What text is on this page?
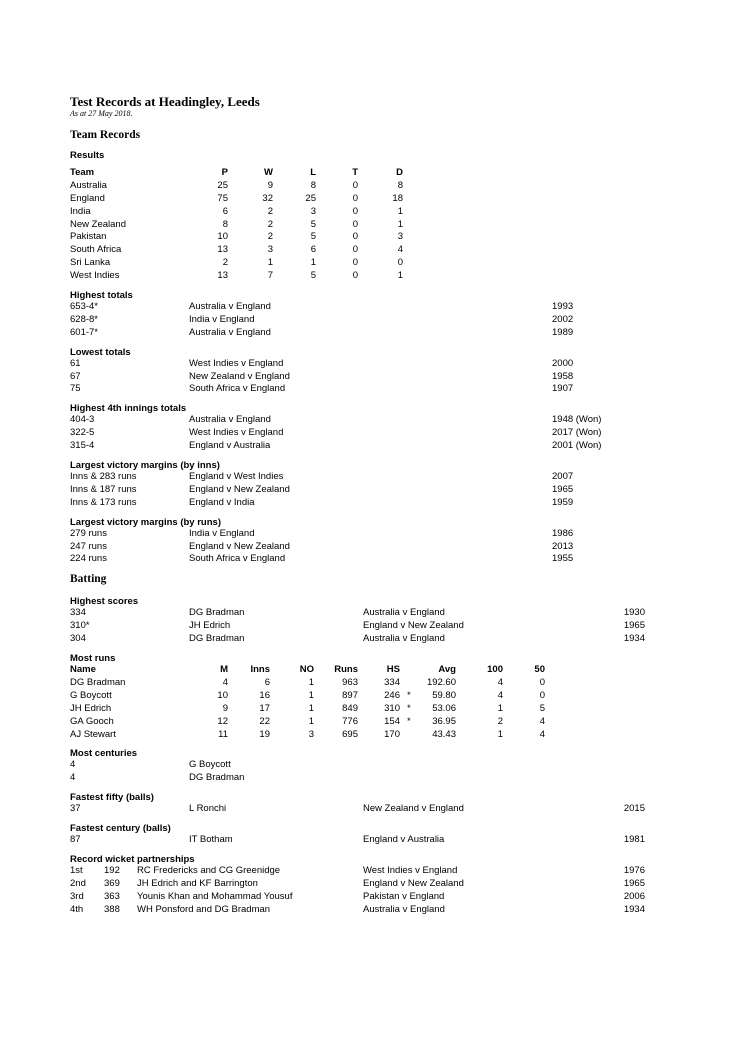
Test Records at Headingley, Leeds
As at 27 May 2018.
Team Records
Results
Team	P	W	L	T	D
Australia	25	9	8	0	8
England	75	32	25	0	18
India	6	2	3	0	1
New Zealand	8	2	5	0	1
Pakistan	10	2	5	0	3
South Africa	13	3	6	0	4
Sri Lanka	2	1	1	0	0
West Indies	13	7	5	0	1
Highest totals
653-4*	Australia v England	1993
628-8*	India v England	2002
601-7*	Australia v England	1989
Lowest totals
61	West Indies v England	2000
67	New Zealand v England	1958
75	South Africa v England	1907
Highest 4th innings totals
404-3	Australia v England	1948 (Won)
322-5	West Indies v England	2017 (Won)
315-4	England v Australia	2001 (Won)
Largest victory margins (by inns)
Inns & 283 runs	England v West Indies	2007
Inns & 187 runs	England v New Zealand	1965
Inns & 173 runs	England v India	1959
Largest victory margins (by runs)
279 runs	India v England	1986
247 runs	England v New Zealand	2013
224 runs	South Africa v England	1955
Batting
Highest scores
334	DG Bradman	Australia v England	1930
310*	JH Edrich	England v New Zealand	1965
304	DG Bradman	Australia v England	1934
Most runs
Name	M	Inns	NO	Runs	HS	Avg	100	50
DG Bradman	4	6	1	963	334	192.60	4	0
G Boycott	10	16	1	897	246 *	59.80	4	0
JH Edrich	9	17	1	849	310 *	53.06	1	5
GA Gooch	12	22	1	776	154 *	36.95	2	4
AJ Stewart	11	19	3	695	170	43.43	1	4
Most centuries
4	G Boycott
4	DG Bradman
Fastest fifty (balls)
37	L Ronchi	New Zealand v England	2015
Fastest century (balls)
87	IT Botham	England v Australia	1981
Record wicket partnerships
1st 192 RC Fredericks and CG Greenidge	West Indies v England	1976
2nd 369 JH Edrich and KF Barrington	England v New Zealand	1965
3rd 363 Younis Khan and Mohammad Yousuf	Pakistan v England	2006
4th 388 WH Ponsford and DG Bradman	Australia v England	1934
